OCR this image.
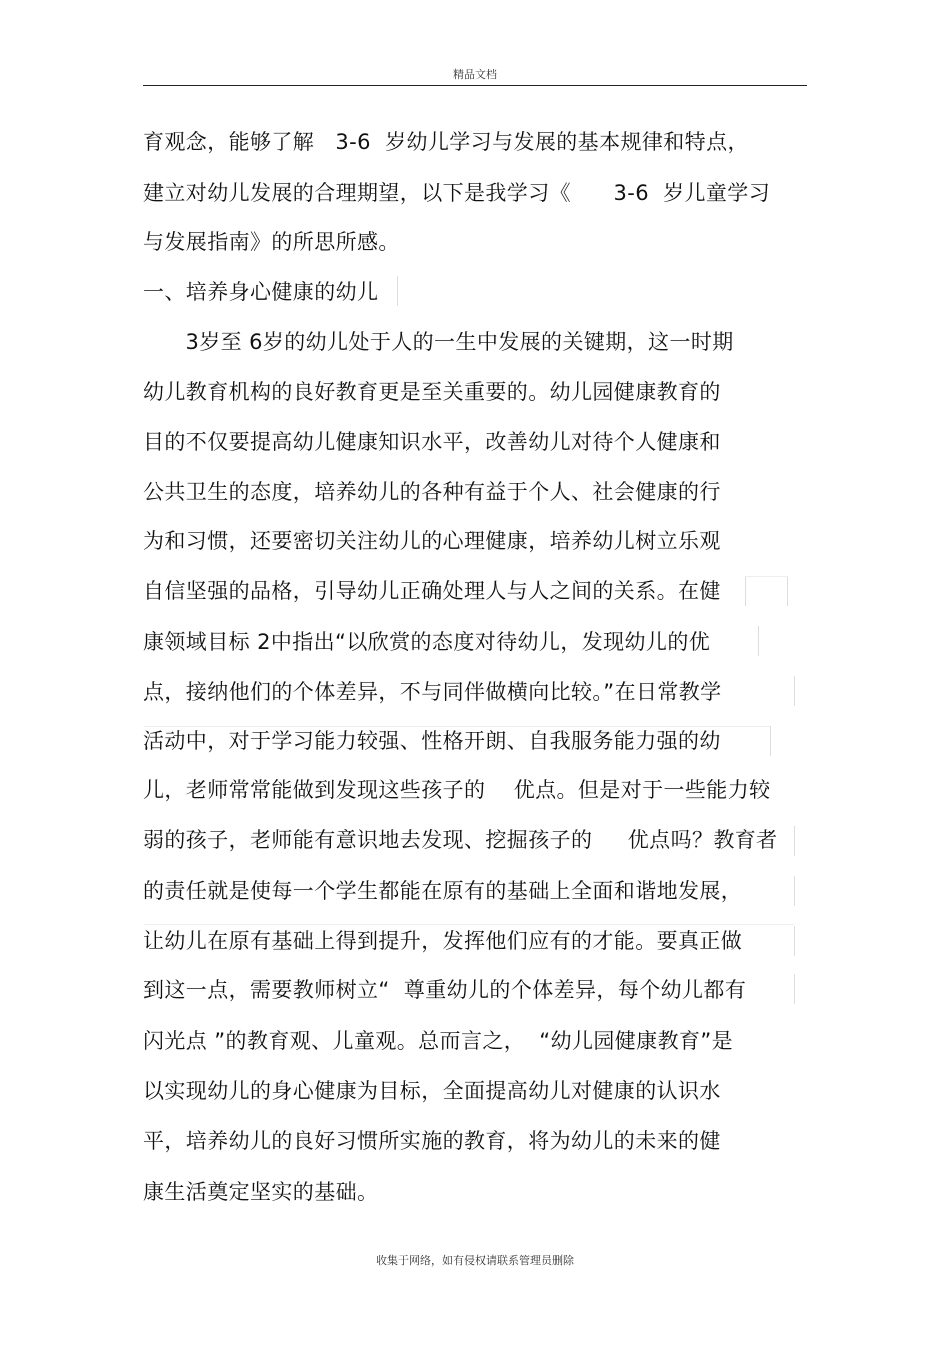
精品文档
育观念，能够了解   3-6  岁幼儿学习与发展的基本规律和特点，
建立对幼儿发展的合理期望，以下是我学习《      3-6  岁儿童学习
与发展指南》的所思所感。
一、培养身心健康的幼儿
3岁至 6岁的幼儿处于人的一生中发展的关键期，这一时期
幼儿教育机构的良好教育更是至关重要的。幼儿园健康教育的
目的不仅要提高幼儿健康知识水平，改善幼儿对待个人健康和
公共卫生的态度，培养幼儿的各种有益于个人、社会健康的行
为和习惯，还要密切关注幼儿的心理健康，培养幼儿树立乐观
自信坚强的品格，引导幼儿正确处理人与人之间的关系。在健
康领域目标 2中指出“以欣赏的态度对待幼儿，发现幼儿的优
点，接纳他们的个体差异，不与同伴做横向比较。”在日常教学
活动中，对于学习能力较强、性格开朗、自我服务能力强的幼
儿，老师常常能做到发现这些孩子的    优点。但是对于一些能力较
弱的孩子，老师能有意识地去发现、挖掘孩子的     优点吗？教育者
的责任就是使每一个学生都能在原有的基础上全面和谐地发展，
让幼儿在原有基础上得到提升，发挥他们应有的才能。要真正做
到这一点，需要教师树立“  尊重幼儿的个体差异，每个幼儿都有
闪光点 ”的教育观、儿童观。总而言之，  “幼儿园健康教育”是
以实现幼儿的身心健康为目标，全面提高幼儿对健康的认识水
平，培养幼儿的良好习惯所实施的教育，将为幼儿的未来的健
康生活奠定坚实的基础。
收集于网络，如有侵权请联系管理员删除
